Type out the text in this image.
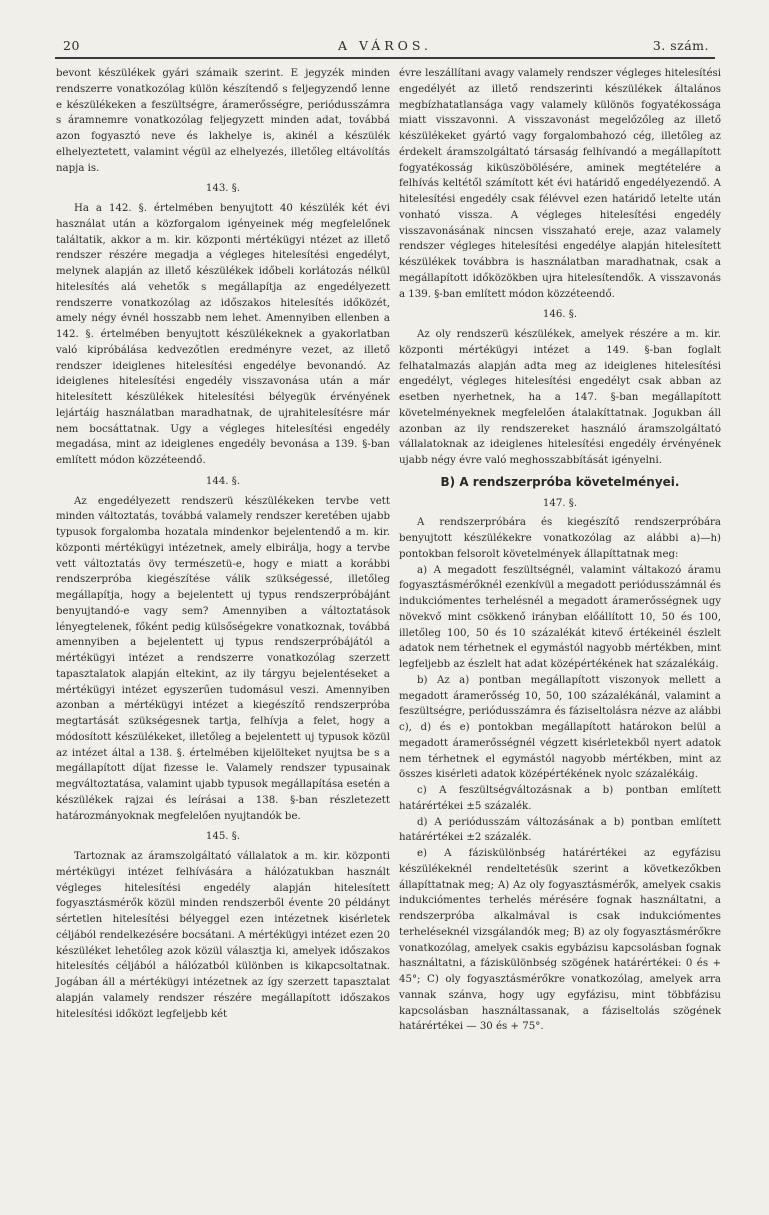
20	A VÁROS.	3. szám.

bevont készülékek gyári számaik szerint. E jegyzék minden rendszerre vonatkozólag külön készítendő s feljegyzendő lenne e készülékeken a feszültségre, áramerősségre, periódusszámra s áramnemre vonatkozólag feljegyzett minden adat, továbbá azon fogyasztó neve és lakhelye is, akinél a készülék elhelyeztetett, valamint végül az elhelyezés, illetőleg eltávolítás napja is.

143. §.

Ha a 142. §. értelmében benyujtott 40 készülék két évi használat után a közforgalom igényeinek még megfelelőnek találtatik, akkor a m. kir. központi mértékügyi ntézet az illető rendszer részére megadja a végleges hitelesítési engedélyt, melynek alapján az illető készülékek időbeli korlátozás nélkül hitelesítés alá vehetők s megállapítja az engedélyezett rendszerre vonatkozólag az időszakos hitelesítés időközét, amely négy évnél hosszabb nem lehet. Amennyiben ellenben a 142. §. értelmében benyujtott készülékeknek a gyakorlatban való kipróbálása kedvezőtlen eredményre vezet, az illető rendszer ideiglenes hitelesítési engedélye bevonandó. Az ideiglenes hitelesítési engedély visszavonása után a már hitelesített készülékek hitelesítési bélyegük érvényének lejártáig használatban maradhatnak, de ujrahitelesítésre már nem bocsáttatnak. Ugy a végleges hitelesítési engedély megadása, mint az ideiglenes engedély bevonása a 139. §-ban említett módon közzéteendő.

144. §.

Az engedélyezett rendszerü készülékeken tervbe vett minden változtatás, továbbá valamely rendszer keretében ujabb typusok forgalomba hozatala mindenkor bejelentendő a m. kir. központi mértékügyi intézetnek, amely elbirálja, hogy a tervbe vett változtatás övy természetü-e, hogy e miatt a korábbi rendszerpróba kiegészítése válik szükségessé, illetőleg megállapítja, hogy a bejelentett uj typus rendszerpróbájánt benyujtandó-e vagy sem? Amennyiben a változtatások lényegtelenek, főként pedig külsőségekre vonatkoznak, továbbá amennyiben a bejelentett uj typus rendszerpróbájától a mértékügyi intézet a rendszerre vonatkozólag szerzett tapasztalatok alapján eltekint, az ily tárgyu bejelentéseket a mértékügyi intézet egyszerűen tudomásul veszi. Amennyiben azonban a mértékügyi intézet a kiegészítő rendszerpróba megtartását szükségesnek tartja, felhívja a felet, hogy a módosított készülékeket, illetőleg a bejelentett uj typusok közül az intézet által a 138. §. értelmében kijelölteket nyujtsa be s a megállapított díjat fizesse le. Valamely rendszer typusainak megváltoztatása, valamint ujabb typusok megállapítása esetén a készülékek rajzai és leírásai a 138. §-ban részletezett határozmányoknak megfelelően nyujtandók be.

145. §.

Tartoznak az áramszolgáltató vállalatok a m. kir. központi mértékügyi intézet felhívására a hálózatukban használt végleges hitelesítési engedély alapján hitelesített fogyasztásmérők közül minden rendszerből évente 20 példányt sértetlen hitelesítési bélyeggel ezen intézetnek kisérletek céljából rendelkezésére bocsátani. A mértékügyi intézet ezen 20 készüléket lehetőleg azok közül választja ki, amelyek időszakos hitelesítés céljából a hálózatból különben is kikapcsoltatnak. Jogában áll a mértékügyi intézetnek az így szerzett tapasztalat alapján valamely rendszer részére megállapított időszakos hitelesítési időközt legfeljebb két

évre leszállítani avagy valamely rendszer végleges hitelesítési engedélyét az illető rendszerinti készülékek általános megbízhatatlansága vagy valamely különös fogyatékossága miatt visszavonni. A visszavonást megelőzőleg az illető készülékeket gyártó vagy forgalombahozó cég, illetőleg az érdekelt áramszolgáltató társaság felhívandó a megállapított fogyatékosság kiküszöbölésére, aminek megtételére a felhívás keltétől számított két évi határidő engedélyezendő. A hitelesítési engedély csak félévvel ezen határidő letelte után vonható vissza. A végleges hitelesítési engedély visszavonásának nincsen visszaható ereje, azaz valamely rendszer végleges hitelesítési engedélye alapján hitelesített készülékek továbbra is használatban maradhatnak, csak a megállapított időközökben ujra hitelesítendők. A visszavonás a 139. §-ban említett módon közzéteendő.

146. §.

Az oly rendszerü készülékek, amelyek részére a m. kir. központi mértékügyi intézet a 149. §-ban foglalt felhatalmazás alapján adta meg az ideiglenes hitelesítési engedélyt, végleges hitelesítési engedélyt csak abban az esetben nyerhetnek, ha a 147. §-ban megállapított követelményeknek megfelelően átalakíttatnak. Jogukban áll azonban az ily rendszereket használó áramszolgáltató vállalatoknak az ideiglenes hitelesítési engedély érvényének ujabb négy évre való meghosszabbítását igényelni.

B) A rendszerpróba követelményei.
147. §.

A rendszerpróbára és kiegészítő rendszerpróbára benyujtott készülékekre vonatkozólag az alábbi a)—h) pontokban felsorolt követelmények állapíttatnak meg:

a) A megadott feszültségnél, valamint váltakozó áramu fogyasztásmérőknél ezenkívül a megadott periódusszámnál és indukciómentes terhelésnél a megadott áramerősségnek ugy növekvő mint csökkenő irányban előállított 10, 50 és 100, illetőleg 100, 50 és 10 százalékát kitevő értékeinél észlelt adatok nem térhetnek el egymástól nagyobb mértékben, mint legfeljebb az észlelt hat adat középértékének hat százalékáig.

b) Az a) pontban megállapított viszonyok mellett a megadott áramerősség 10, 50, 100 százalékánál, valamint a feszültségre, periódusszámra és fáziseltolásra nézve az alábbi c), d) és e) pontokban megállapított határokon belül a megadott áramerősségnél végzett kisérletekből nyert adatok nem térhetnek el egymástól nagyobb mértékben, mint az összes kisérleti adatok középértékének nyolc százalékáig.

c) A feszültségváltozásnak a b) pontban említett határértékei ±5 százalék.

d) A periódusszám változásának a b) pontban említett határértékei ±2 százalék.

e) A fáziskülönbség határértékei az egyfázisu készülékeknél rendeltetésük szerint a következőkben állapíttatnak meg; A) Az oly fogyasztásmérők, amelyek csakis indukciómentes terhelés mérésére fognak használtatni, a rendszerpróba alkalmával is csak indukciómentes terheléseknél vizsgálandók meg; B) az oly fogyasztásmérőkre vonatkozólag, amelyek csakis egybázisu kapcsolásban fognak használtatni, a fáziskülönbség szögének határértékei: 0 és + 45°; C) oly fogyasztásmérőkre vonatkozólag, amelyek arra vannak szánva, hogy ugy egyfázisu, mint többfázisu kapcsolásban használtassanak, a fáziseltolás szögének határértékei — 30 és + 75°.
